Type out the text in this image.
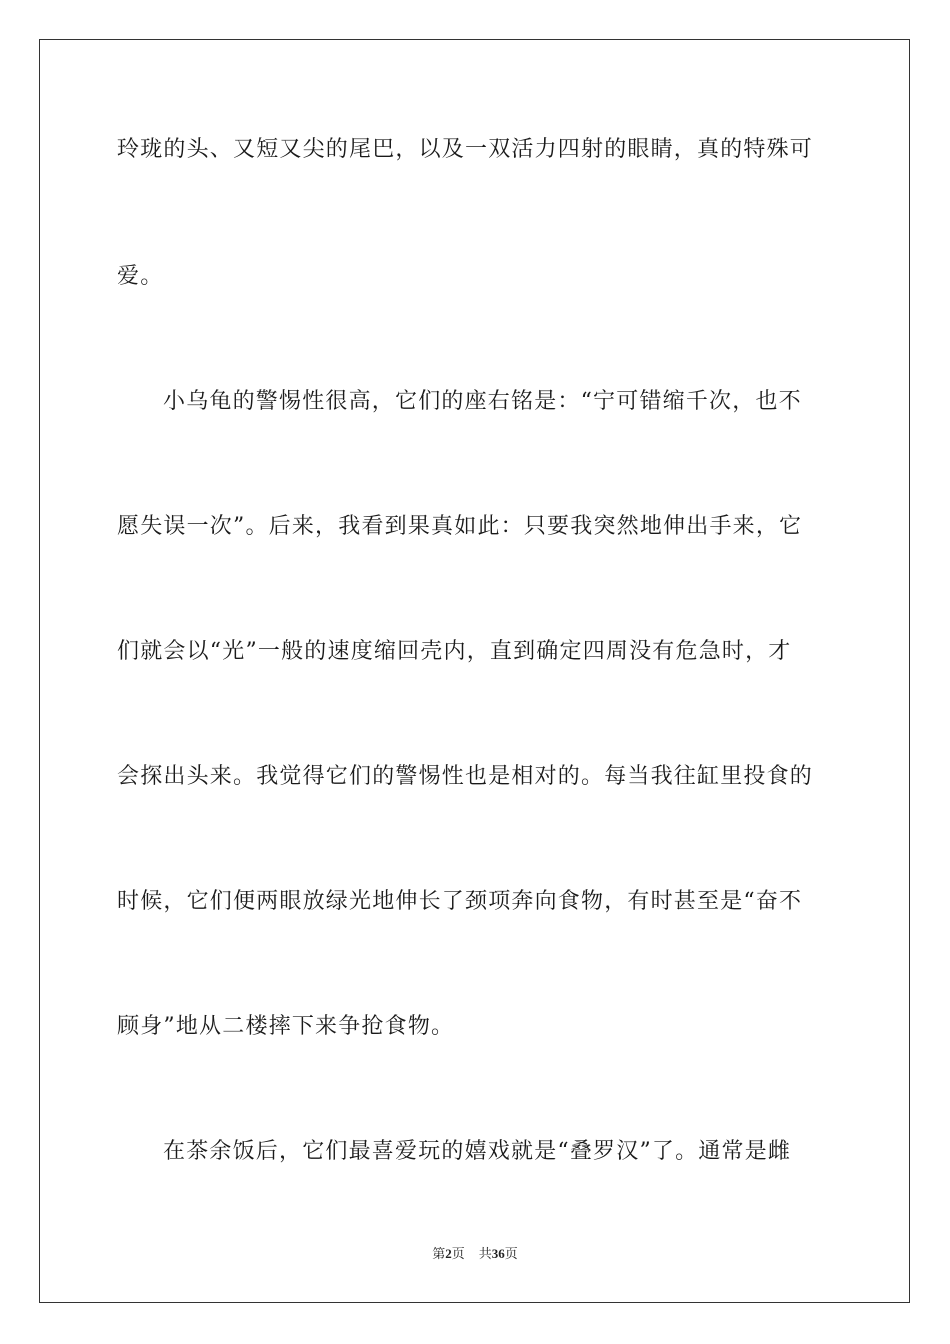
玲珑的头、又短又尖的尾巴，以及一双活力四射的眼睛，真的特殊可
爱。
小乌龟的警惕性很高，它们的座右铭是：“宁可错缩千次，也不
愿失误一次”。后来，我看到果真如此：只要我突然地伸出手来，它
们就会以“光”一般的速度缩回壳内，直到确定四周没有危急时，才
会探出头来。我觉得它们的警惕性也是相对的。每当我往缸里投食的
时候，它们便两眼放绿光地伸长了颈项奔向食物，有时甚至是“奋不
顾身”地从二楼摔下来争抢食物。
在茶余饭后，它们最喜爱玩的嬉戏就是“叠罗汉”了。通常是雌
第2页 共36页
